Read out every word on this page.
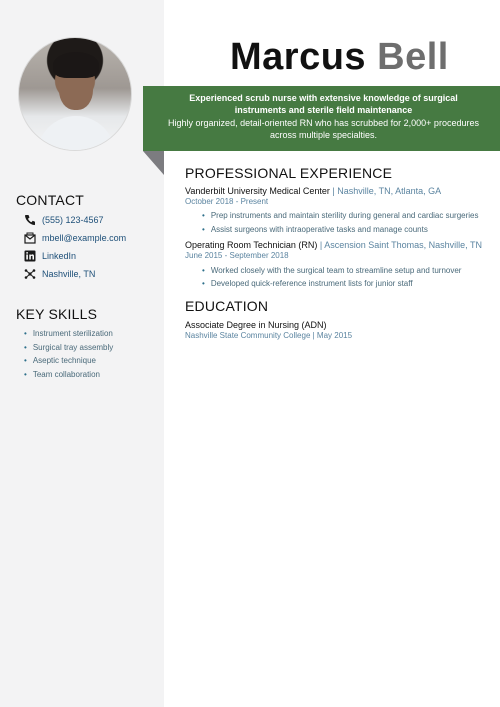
Marcus Bell
Experienced scrub nurse with extensive knowledge of surgical instruments and sterile field maintenance
Highly organized, detail-oriented RN who has scrubbed for 2,000+ procedures across multiple specialties.
CONTACT
(555) 123-4567
mbell@example.com
LinkedIn
Nashville, TN
KEY SKILLS
• Instrument sterilization
• Surgical tray assembly
• Aseptic technique
• Team collaboration
PROFESSIONAL EXPERIENCE
Vanderbilt University Medical Center | Nashville, TN, Atlanta, GA
October 2018 - Present
• Prep instruments and maintain sterility during general and cardiac surgeries
• Assist surgeons with intraoperative tasks and manage counts
Operating Room Technician (RN) | Ascension Saint Thomas, Nashville, TN
June 2015 - September 2018
• Worked closely with the surgical team to streamline setup and turnover
• Developed quick-reference instrument lists for junior staff
EDUCATION
Associate Degree in Nursing (ADN)
Nashville State Community College | May 2015
